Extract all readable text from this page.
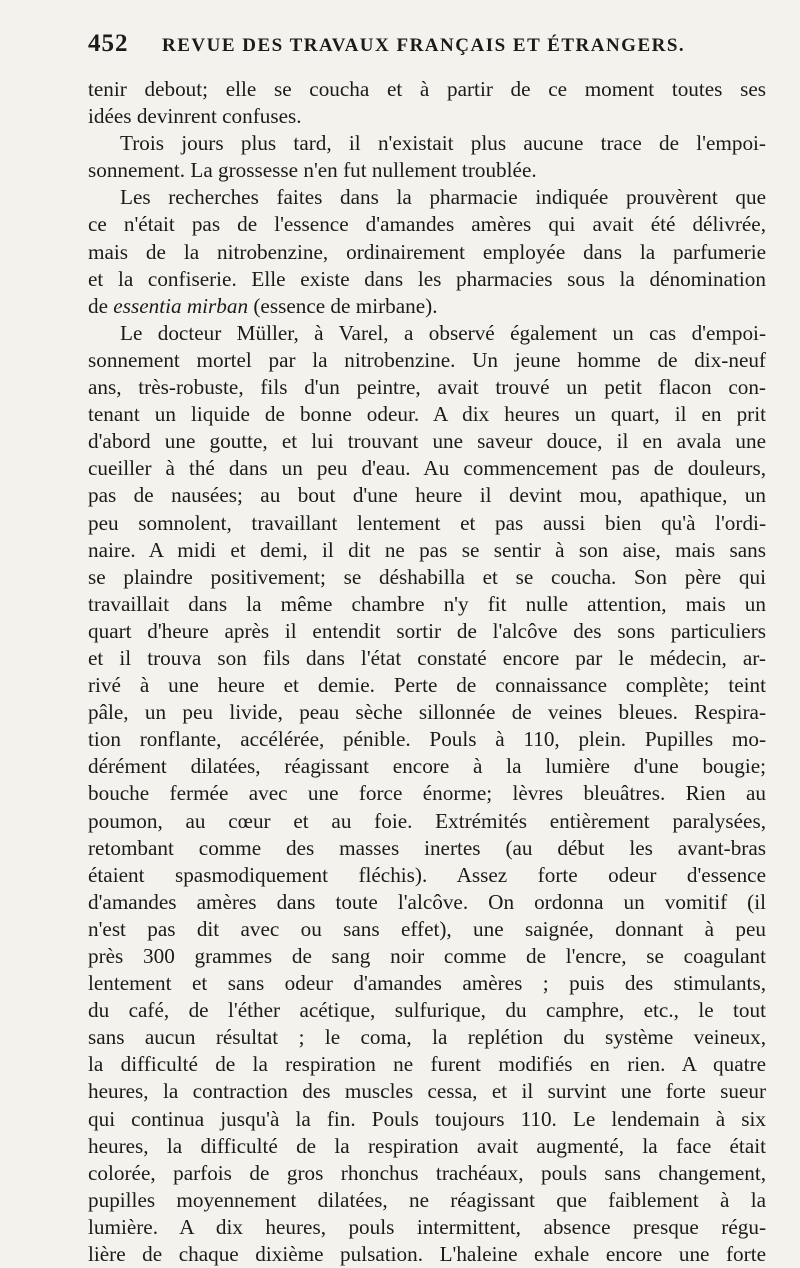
452	REVUE DES TRAVAUX FRANÇAIS ET ÉTRANGERS.

tenir debout; elle se coucha et à partir de ce moment toutes ses
idées devinrent confuses.

Trois jours plus tard, il n'existait plus aucune trace de l'empoi-
sonnement. La grossesse n'en fut nullement troublée.

Les recherches faites dans la pharmacie indiquée prouvèrent que
ce n'était pas de l'essence d'amandes amères qui avait été délivrée,
mais de la nitrobenzine, ordinairement employée dans la parfumerie
et la confiserie. Elle existe dans les pharmacies sous la dénomination
de essentia mirban (essence de mirbane).

Le docteur Müller, à Varel, a observé également un cas d'empoi-
sonnement mortel par la nitrobenzine. Un jeune homme de dix-neuf
ans, très-robuste, fils d'un peintre, avait trouvé un petit flacon con-
tenant un liquide de bonne odeur. A dix heures un quart, il en prit
d'abord une goutte, et lui trouvant une saveur douce, il en avala une
cueiller à thé dans un peu d'eau. Au commencement pas de douleurs,
pas de nausées; au bout d'une heure il devint mou, apathique, un
peu somnolent, travaillant lentement et pas aussi bien qu'à l'ordi-
naire. A midi et demi, il dit ne pas se sentir à son aise, mais sans
se plaindre positivement; se déshabilla et se coucha. Son père qui
travaillait dans la même chambre n'y fit nulle attention, mais un
quart d'heure après il entendit sortir de l'alcôve des sons particuliers
et il trouva son fils dans l'état constaté encore par le médecin, ar-
rivé à une heure et demie. Perte de connaissance complète; teint
pâle, un peu livide, peau sèche sillonnée de veines bleues. Respira-
tion ronflante, accélérée, pénible. Pouls à 110, plein. Pupilles mo-
dérément dilatées, réagissant encore à la lumière d'une bougie;
bouche fermée avec une force énorme; lèvres bleuâtres. Rien au
poumon, au cœur et au foie. Extrémités entièrement paralysées,
retombant comme des masses inertes (au début les avant-bras
étaient spasmodiquement fléchis). Assez forte odeur d'essence
d'amandes amères dans toute l'alcôve. On ordonna un vomitif (il
n'est pas dit avec ou sans effet), une saignée, donnant à peu
près 300 grammes de sang noir comme de l'encre, se coagulant
lentement et sans odeur d'amandes amères ; puis des stimulants,
du café, de l'éther acétique, sulfurique, du camphre, etc., le tout
sans aucun résultat ; le coma, la replétion du système veineux,
la difficulté de la respiration ne furent modifiés en rien. A quatre
heures, la contraction des muscles cessa, et il survint une forte sueur
qui continua jusqu'à la fin. Pouls toujours 110. Le lendemain à six
heures, la difficulté de la respiration avait augmenté, la face était
colorée, parfois de gros rhonchus trachéaux, pouls sans changement,
pupilles moyennement dilatées, ne réagissant que faiblement à la
lumière. A dix heures, pouls intermittent, absence presque régu-
lière de chaque dixième pulsation. L'haleine exhale encore une forte
